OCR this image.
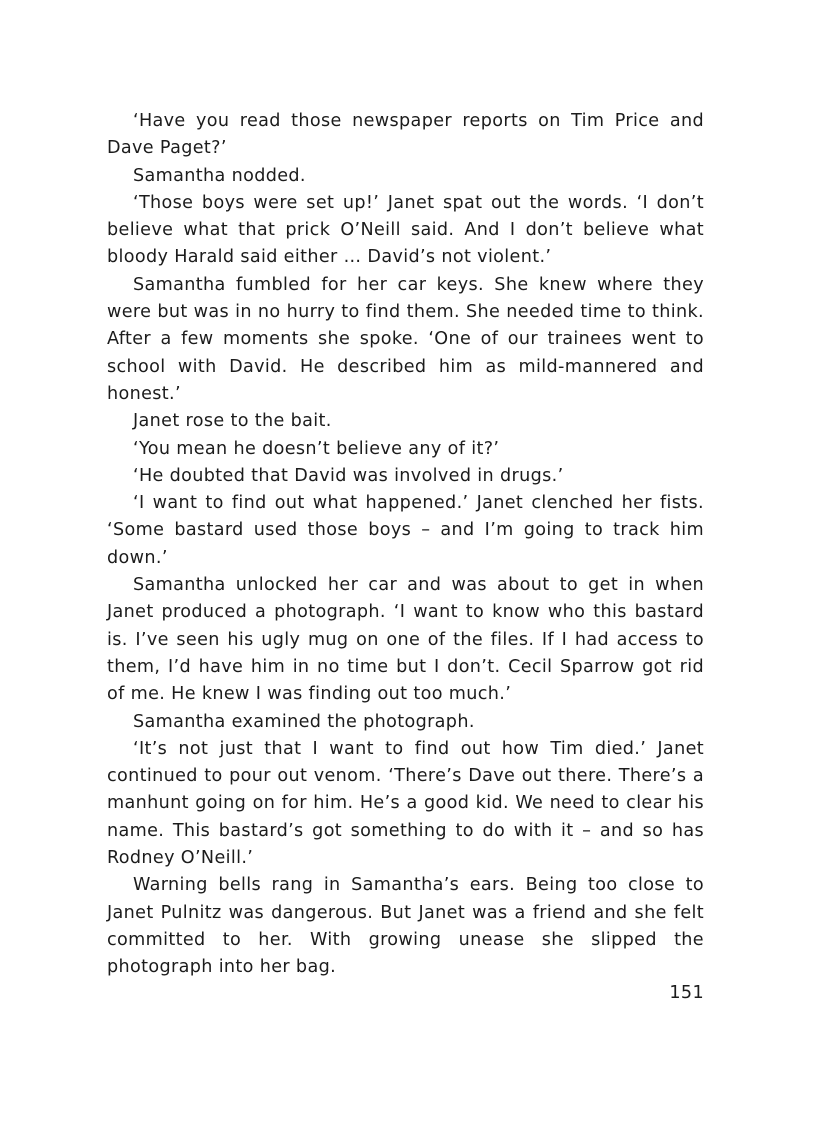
‘Have you read those newspaper reports on Tim Price and Dave Paget?’

Samantha nodded.

‘Those boys were set up!’ Janet spat out the words. ‘I don’t believe what that prick O’Neill said. And I don’t believe what bloody Harald said either … David’s not violent.’

Samantha fumbled for her car keys. She knew where they were but was in no hurry to find them. She needed time to think. After a few moments she spoke. ‘One of our trainees went to school with David. He described him as mild-mannered and honest.’

Janet rose to the bait.

‘You mean he doesn’t believe any of it?’

‘He doubted that David was involved in drugs.’

‘I want to find out what happened.’ Janet clenched her fists. ‘Some bastard used those boys – and I’m going to track him down.’

Samantha unlocked her car and was about to get in when Janet produced a photograph. ‘I want to know who this bastard is. I’ve seen his ugly mug on one of the files. If I had access to them, I’d have him in no time but I don’t. Cecil Sparrow got rid of me. He knew I was finding out too much.’

Samantha examined the photograph.

‘It’s not just that I want to find out how Tim died.’ Janet continued to pour out venom. ‘There’s Dave out there. There’s a manhunt going on for him. He’s a good kid. We need to clear his name. This bastard’s got something to do with it – and so has Rodney O’Neill.’

Warning bells rang in Samantha’s ears. Being too close to Janet Pulnitz was dangerous. But Janet was a friend and she felt committed to her. With growing unease she slipped the photograph into her bag.

151
